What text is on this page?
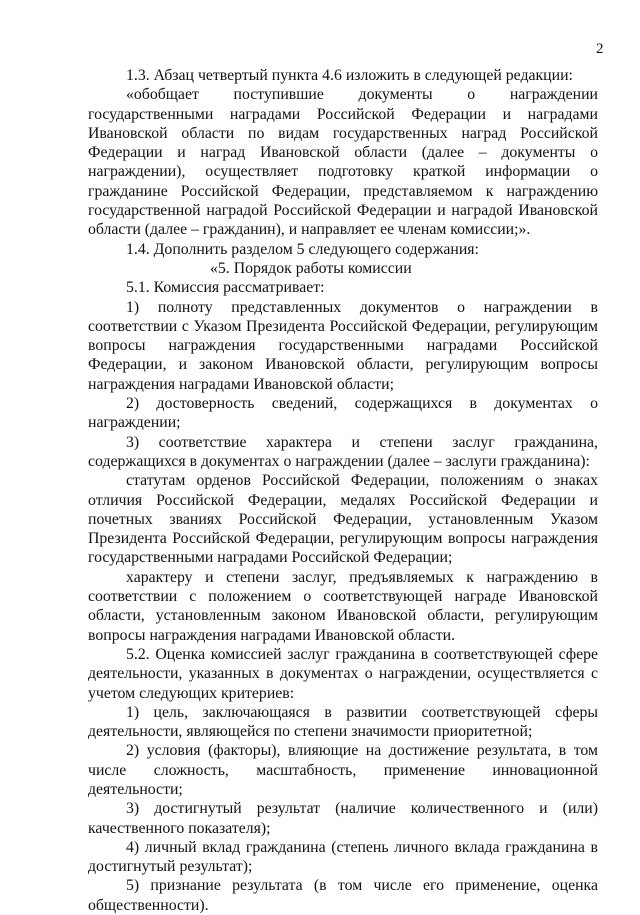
2

1.3. Абзац четвертый пункта 4.6 изложить в следующей редакции:

«обобщает поступившие документы о награждении государственными наградами Российской Федерации и наградами Ивановской области по видам государственных наград Российской Федерации и наград Ивановской области (далее – документы о награждении), осуществляет подготовку краткой информации о гражданине Российской Федерации, представляемом к награждению государственной наградой Российской Федерации и наградой Ивановской области (далее – гражданин), и направляет ее членам комиссии;».

1.4. Дополнить разделом 5 следующего содержания:

«5. Порядок работы комиссии

5.1. Комиссия рассматривает:

1) полноту представленных документов о награждении в соответствии с Указом Президента Российской Федерации, регулирующим вопросы награждения государственными наградами Российской Федерации, и законом Ивановской области, регулирующим вопросы награждения наградами Ивановской области;

2) достоверность сведений, содержащихся в документах о награждении;

3) соответствие характера и степени заслуг гражданина, содержащихся в документах о награждении (далее – заслуги гражданина):

статутам орденов Российской Федерации, положениям о знаках отличия Российской Федерации, медалях Российской Федерации и почетных званиях Российской Федерации, установленным Указом Президента Российской Федерации, регулирующим вопросы награждения государственными наградами Российской Федерации;

характеру и степени заслуг, предъявляемых к награждению в соответствии с положением о соответствующей награде Ивановской области, установленным законом Ивановской области, регулирующим вопросы награждения наградами Ивановской области.

5.2. Оценка комиссией заслуг гражданина в соответствующей сфере деятельности, указанных в документах о награждении, осуществляется с учетом следующих критериев:

1) цель, заключающаяся в развитии соответствующей сферы деятельности, являющейся по степени значимости приоритетной;

2) условия (факторы), влияющие на достижение результата, в том числе сложность, масштабность, применение инновационной деятельности;

3) достигнутый результат (наличие количественного и (или) качественного показателя);

4) личный вклад гражданина (степень личного вклада гражданина в достигнутый результат);

5) признание результата (в том числе его применение, оценка общественности).
